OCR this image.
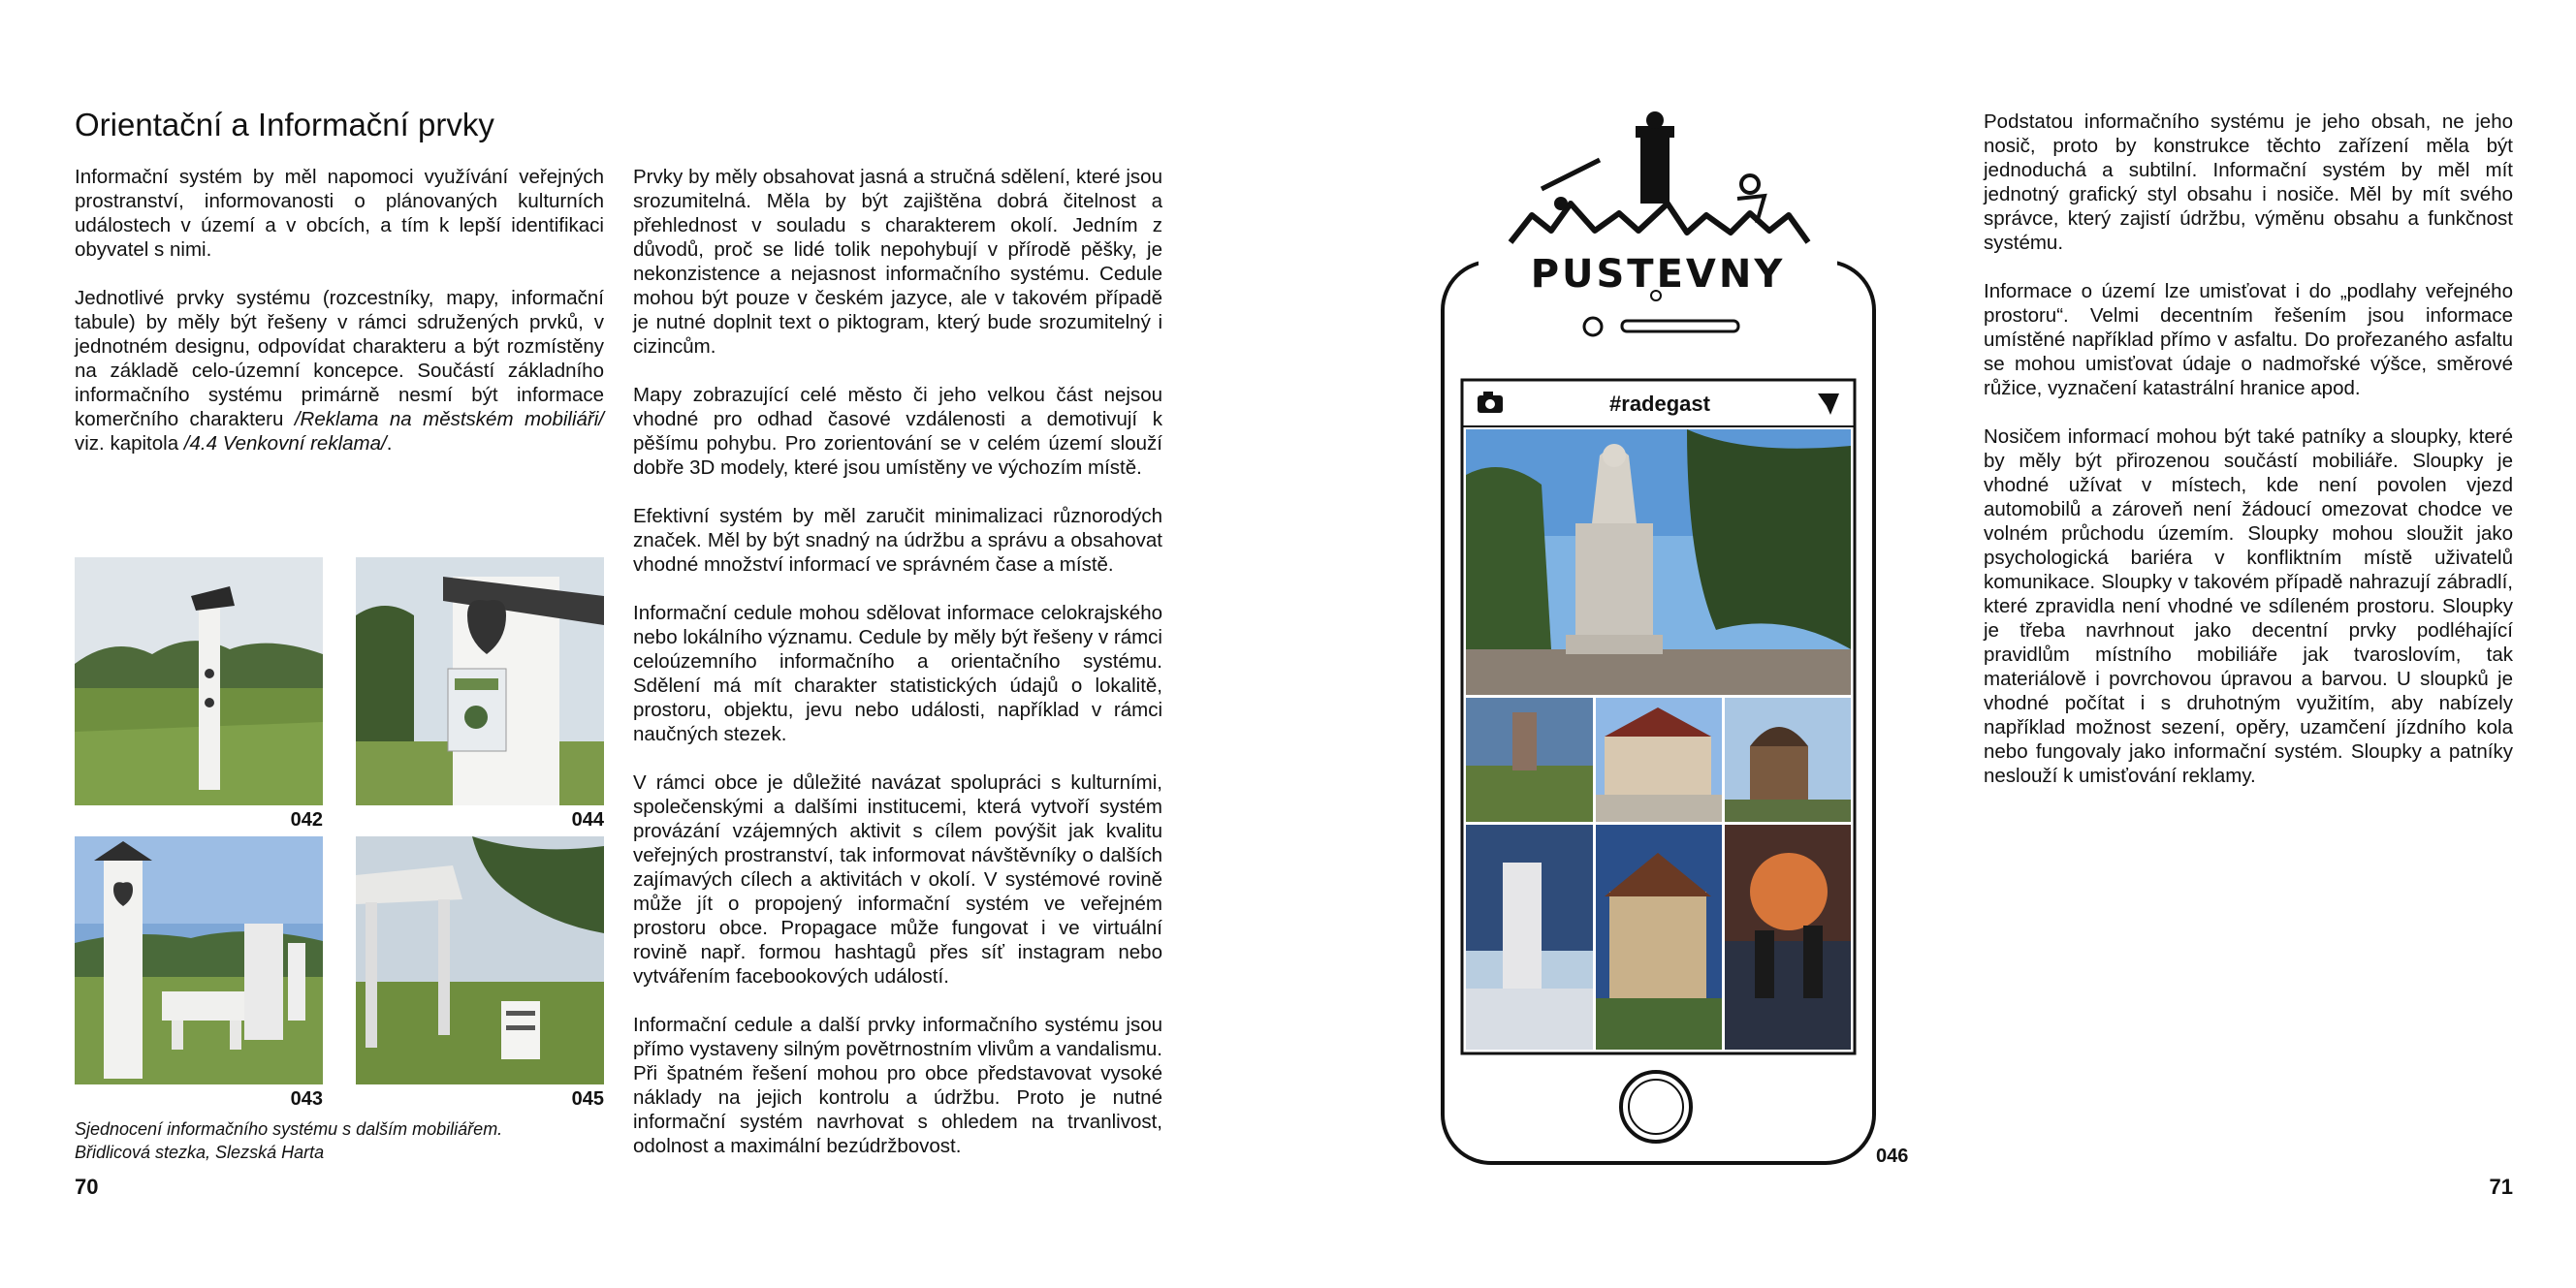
Orientační a Informační prvky

Informační systém by měl napomoci využívání veřejných prostranství, informovanosti o plánovaných kulturních událostech v území a v obcích, a tím k lepší identifikaci obyvatel s nimi.

Jednotlivé prvky systému (rozcestníky, mapy, informační tabule) by měly být řešeny v rámci sdružených prvků, v jednotném designu, odpovídat charakteru a být rozmístěny na základě celo-územní koncepce. Součástí základního informačního systému primárně nesmí být informace komerčního charakteru /Reklama na městském mobiliáři/ viz. kapitola /4.4 Venkovní reklama/.

042	044
043	045
Sjednocení informačního systému s dalším mobiliářem.
Břidlicová stezka, Slezská Harta

Prvky by měly obsahovat jasná a stručná sdělení, které jsou srozumitelná. Měla by být zajištěna dobrá čitelnost a přehlednost v souladu s charakterem okolí. Jedním z důvodů, proč se lidé tolik nepohybují v přírodě pěšky, je nekonzistence a nejasnost informačního systému. Cedule mohou být pouze v českém jazyce, ale v takovém případě je nutné doplnit text o piktogram, který bude srozumitelný i cizincům.

Mapy zobrazující celé město či jeho velkou část nejsou vhodné pro odhad časové vzdálenosti a demotivují k pěšímu pohybu. Pro zorientování se v celém území slouží dobře 3D modely, které jsou umístěny ve výchozím místě.

Efektivní systém by měl zaručit minimalizaci různorodých značek. Měl by být snadný na údržbu a správu a obsahovat vhodné množství informací ve správném čase a místě.

Informační cedule mohou sdělovat informace celokrajského nebo lokálního významu. Cedule by měly být řešeny v rámci celoúzemního informačního a orientačního systému. Sdělení má mít charakter statistických údajů o lokalitě, prostoru, objektu, jevu nebo události, například v rámci naučných stezek.

V rámci obce je důležité navázat spolupráci s kulturními, společenskými a dalšími institucemi, která vytvoří systém provázání vzájemných aktivit s cílem povýšit jak kvalitu veřejných prostranství, tak informovat návštěvníky o dalších zajímavých cílech a aktivitách v okolí. V systémové rovině může jít o propojený informační systém ve veřejném prostoru obce. Propagace může fungovat i ve virtuální rovině např. formou hashtagů přes síť instagram nebo vytvářením facebookových událostí.

Informační cedule a další prvky informačního systému jsou přímo vystaveny silným povětrnostním vlivům a vandalismu. Při špatném řešení mohou pro obce představovat vysoké náklady na jejich kontrolu a údržbu. Proto je nutné informační systém navrhovat s ohledem na trvanlivost, odolnost a maximální bezúdržbovost.

70
PUSTEVNY
#radegast
046

Podstatou informačního systému je jeho obsah, ne jeho nosič, proto by konstrukce těchto zařízení měla být jednoduchá a subtilní. Informační systém by měl mít jednotný grafický styl obsahu i nosiče. Měl by mít svého správce, který zajistí údržbu, výměnu obsahu a funkčnost systému.

Informace o území lze umisťovat i do „podlahy veřejného prostoru“. Velmi decentním řešením jsou informace umístěné například přímo v asfaltu. Do prořezaného asfaltu se mohou umisťovat údaje o nadmořské výšce, směrové růžice, vyznačení katastrální hranice apod.

Nosičem informací mohou být také patníky a sloupky, které by měly být přirozenou součástí mobiliáře. Sloupky je vhodné užívat v místech, kde není povolen vjezd automobilů a zároveň není žádoucí omezovat chodce ve volném průchodu územím. Sloupky mohou sloužit jako psychologická bariéra v konfliktním místě uživatelů komunikace. Sloupky v takovém případě nahrazují zábradlí, které zpravidla není vhodné ve sdíleném prostoru. Sloupky je třeba navrhnout jako decentní prvky podléhající pravidlům místního mobiliáře jak tvaroslovím, tak materiálově i povrchovou úpravou a barvou. U sloupků je vhodné počítat i s druhotným využitím, aby nabízely například možnost sezení, opěry, uzamčení jízdního kola nebo fungovaly jako informační systém. Sloupky a patníky neslouží k umisťování reklamy.

71
